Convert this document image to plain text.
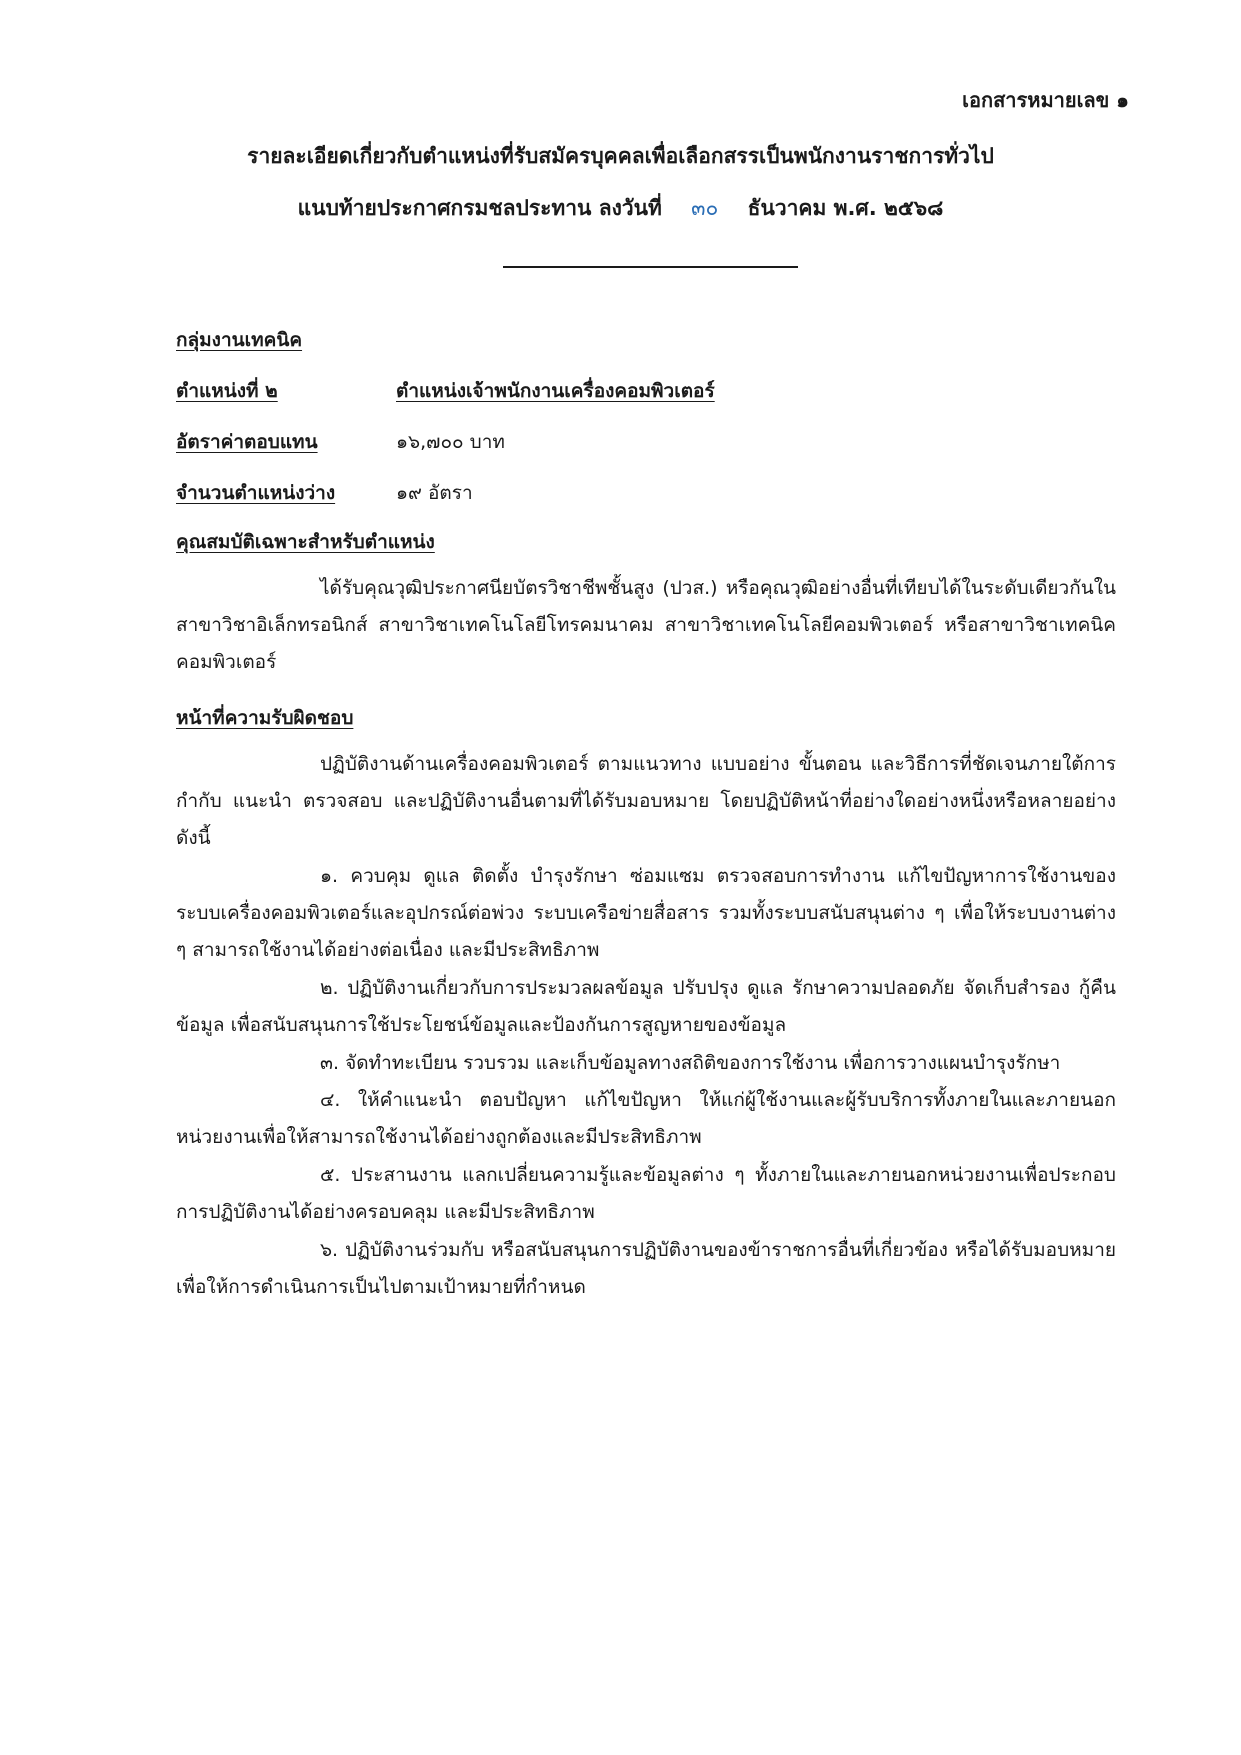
เอกสารหมายเลข ๑
รายละเอียดเกี่ยวกับตำแหน่งที่รับสมัครบุคคลเพื่อเลือกสรรเป็นพนักงานราชการทั่วไป
แนบท้ายประกาศกรมชลประทาน ลงวันที่ ๓๐ ธันวาคม พ.ศ. ๒๕๖๘
กลุ่มงานเทคนิค
ตำแหน่งที่ ๒	ตำแหน่งเจ้าพนักงานเครื่องคอมพิวเตอร์
อัตราค่าตอบแทน	๑๖,๗๐๐ บาท
จำนวนตำแหน่งว่าง	๑๙ อัตรา
คุณสมบัติเฉพาะสำหรับตำแหน่ง

ได้รับคุณวุฒิประกาศนียบัตรวิชาชีพชั้นสูง (ปวส.) หรือคุณวุฒิอย่างอื่นที่เทียบได้ในระดับเดียวกันในสาขาวิชาอิเล็กทรอนิกส์ สาขาวิชาเทคโนโลยีโทรคมนาคม สาขาวิชาเทคโนโลยีคอมพิวเตอร์ หรือสาขาวิชาเทคนิคคอมพิวเตอร์

หน้าที่ความรับผิดชอบ

ปฏิบัติงานด้านเครื่องคอมพิวเตอร์ ตามแนวทาง แบบอย่าง ขั้นตอน และวิธีการที่ชัดเจนภายใต้การกำกับ แนะนำ ตรวจสอบ และปฏิบัติงานอื่นตามที่ได้รับมอบหมาย โดยปฏิบัติหน้าที่อย่างใดอย่างหนึ่งหรือหลายอย่าง ดังนี้

๑. ควบคุม ดูแล ติดตั้ง บำรุงรักษา ซ่อมแซม ตรวจสอบการทำงาน แก้ไขปัญหาการใช้งานของระบบเครื่องคอมพิวเตอร์และอุปกรณ์ต่อพ่วง ระบบเครือข่ายสื่อสาร รวมทั้งระบบสนับสนุนต่าง ๆ เพื่อให้ระบบงานต่าง ๆ สามารถใช้งานได้อย่างต่อเนื่อง และมีประสิทธิภาพ

๒. ปฏิบัติงานเกี่ยวกับการประมวลผลข้อมูล ปรับปรุง ดูแล รักษาความปลอดภัย จัดเก็บสำรอง กู้คืนข้อมูล เพื่อสนับสนุนการใช้ประโยชน์ข้อมูลและป้องกันการสูญหายของข้อมูล

๓. จัดทำทะเบียน รวบรวม และเก็บข้อมูลทางสถิติของการใช้งาน เพื่อการวางแผนบำรุงรักษา

๔. ให้คำแนะนำ ตอบปัญหา แก้ไขปัญหา ให้แก่ผู้ใช้งานและผู้รับบริการทั้งภายในและภายนอกหน่วยงานเพื่อให้สามารถใช้งานได้อย่างถูกต้องและมีประสิทธิภาพ

๕. ประสานงาน แลกเปลี่ยนความรู้และข้อมูลต่าง ๆ ทั้งภายในและภายนอกหน่วยงานเพื่อประกอบการปฏิบัติงานได้อย่างครอบคลุม และมีประสิทธิภาพ

๖. ปฏิบัติงานร่วมกับ หรือสนับสนุนการปฏิบัติงานของข้าราชการอื่นที่เกี่ยวข้อง หรือได้รับมอบหมาย เพื่อให้การดำเนินการเป็นไปตามเป้าหมายที่กำหนด
